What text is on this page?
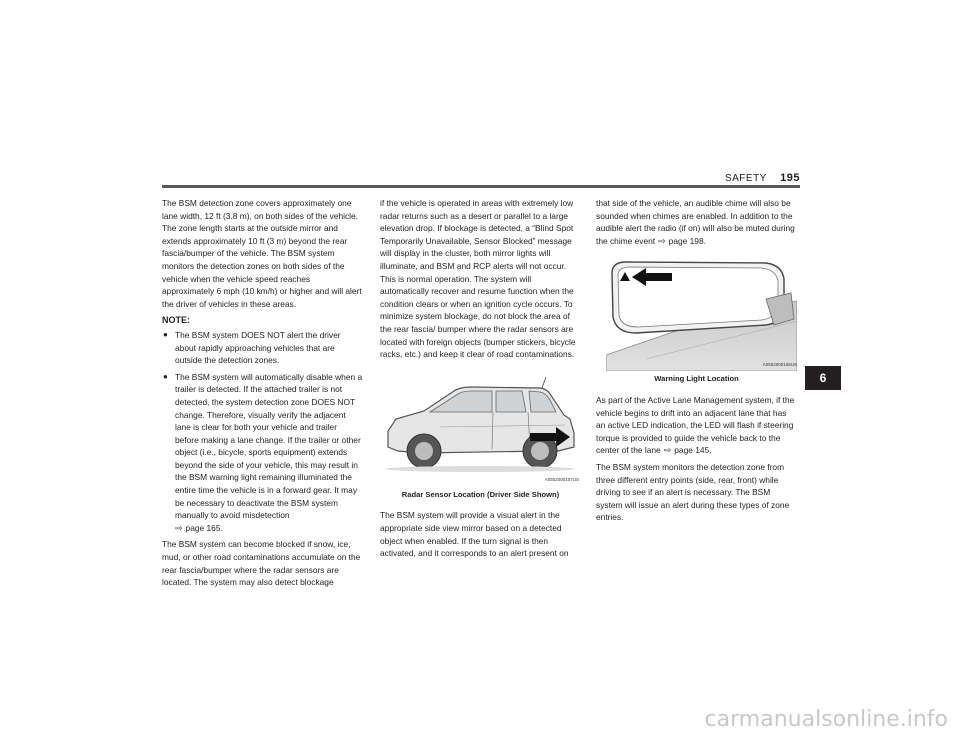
SAFETY 195

The BSM detection zone covers approximately one lane width, 12 ft (3.8 m), on both sides of the vehicle. The zone length starts at the outside mirror and extends approximately 10 ft (3 m) beyond the rear fascia/bumper of the vehicle. The BSM system monitors the detection zones on both sides of the vehicle when the vehicle speed reaches approximately 6 mph (10 km/h) or higher and will alert the driver of vehicles in these areas.

NOTE:
● The BSM system DOES NOT alert the driver about rapidly approaching vehicles that are outside the detection zones.
● The BSM system will automatically disable when a trailer is detected. If the attached trailer is not detected, the system detection zone DOES NOT change. Therefore, visually verify the adjacent lane is clear for both your vehicle and trailer before making a lane change. If the trailer or other object (i.e., bicycle, sports equipment) extends beyond the side of your vehicle, this may result in the BSM warning light remaining illuminated the entire time the vehicle is in a forward gear. It may be necessary to deactivate the BSM system manually to avoid misdetection
⇨ page 165.

The BSM system can become blocked if snow, ice, mud, or other road contaminations accumulate on the rear fascia/bumper where the radar sensors are located. The system may also detect blockage

if the vehicle is operated in areas with extremely low radar returns such as a desert or parallel to a large elevation drop. If blockage is detected, a “Blind Spot Temporarily Unavailable, Sensor Blocked” message will display in the cluster, both mirror lights will illuminate, and BSM and RCP alerts will not occur. This is normal operation. The system will automatically recover and resume function when the condition clears or when an ignition cycle occurs. To minimize system blockage, do not block the area of the rear fascia/ bumper where the radar sensors are located with foreign objects (bumper stickers, bicycle racks, etc.) and keep it clear of road contaminations.

A0502000107US
Radar Sensor Location (Driver Side Shown)

The BSM system will provide a visual alert in the appropriate side view mirror based on a detected object when enabled. If the turn signal is then activated, and it corresponds to an alert present on

that side of the vehicle, an audible chime will also be sounded when chimes are enabled. In addition to the audible alert the radio (if on) will also be muted during the chime event ⇨ page 198.

A0502000106US
Warning Light Location

As part of the Active Lane Management system, if the vehicle begins to drift into an adjacent lane that has an active LED indication, the LED will flash if steering torque is provided to guide the vehicle back to the center of the lane ⇨ page 145.

The BSM system monitors the detection zone from three different entry points (side, rear, front) while driving to see if an alert is necessary. The BSM system will issue an alert during these types of zone entries.

6
carmanualsonline.info
